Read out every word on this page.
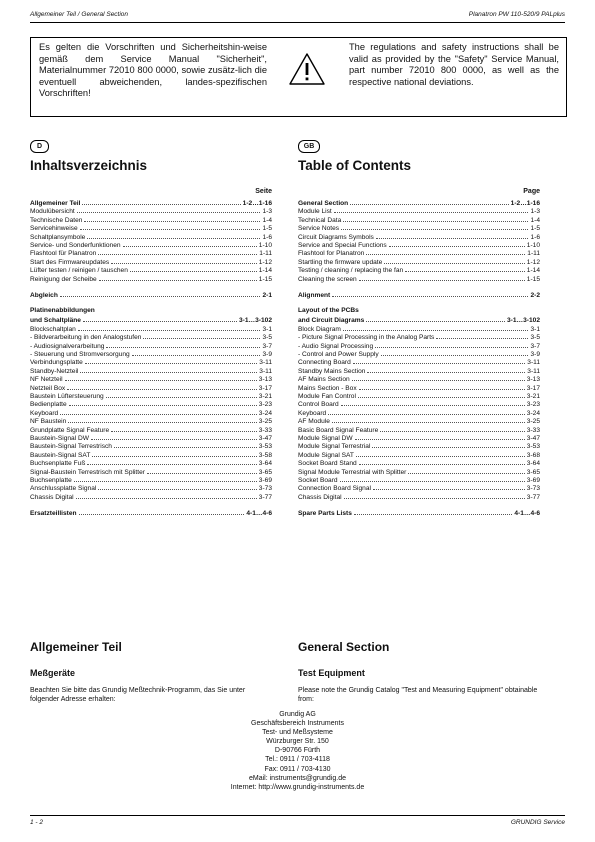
Allgemeiner Teil / General Section	Planatron PW 110-520/9 PALplus
Es gelten die Vorschriften und Sicherheitshin-weise gemäß dem Service Manual "Sicherheit", Materialnummer 72010 800 0000, sowie zusätz-lich die eventuell abweichenden, landes-spezifischen Vorschriften!
The regulations and safety instructions shall be valid as provided by the "Safety" Service Manual, part number 72010 800 0000, as well as the respective national deviations.
D	GB
Inhaltsverzeichnis	Table of Contents
Seite
Allgemeiner Teil	1-2…1-16
Modulübersicht	1-3
Technische Daten	1-4
Servicehinweise	1-5
Schaltplansymbole	1-6
Service- und Sonderfunktionen	1-10
Flashtool für Planatron	1-11
Start des Firmwareupdates	1-12
Lüfter testen / reinigen / tauschen	1-14
Reinigung der Scheibe	1-15
Abgleich	2-1
Platinenabbildungen
und Schaltpläne	3-1…3-102
Blockschaltplan	3-1
- Bildverarbeitung in den Analogstufen	3-5
- Audiosignalverarbeitung	3-7
- Steuerung und Stromversorgung	3-9
Verbindungsplatte	3-11
Standby-Netzteil	3-11
NF Netzteil	3-13
Netzteil Box	3-17
Baustein Lüftersteuerung	3-21
Bedienplatte	3-23
Keyboard	3-24
NF Baustein	3-25
Grundplatte Signal Feature	3-33
Baustein-Signal DW	3-47
Baustein-Signal Terrestrisch	3-53
Baustein-Signal SAT	3-58
Buchsenplatte Fuß	3-64
Signal-Baustein Terrestrisch mit Splitter	3-65
Buchsenplatte	3-69
Anschlussplatte Signal	3-73
Chassis Digital	3-77
Ersatzteillisten	4-1…4-6
Page
General Section	1-2…1-16
Module List	1-3
Technical Data	1-4
Service Notes	1-5
Circuit Diagrams Symbols	1-6
Service and Special Functions	1-10
Flashtool for Planatron	1-11
Startling the firmware update	1-12
Testing / cleaning / replacing the fan	1-14
Cleaning the screen	1-15
Alignment	2-2
Layout of the PCBs
and Circuit Diagrams	3-1…3-102
Block Diagram	3-1
- Picture Signal Processing in the Analog Parts	3-5
- Audio Signal Processing	3-7
- Control and Power Supply	3-9
Connecting Board	3-11
Standby Mains Section	3-11
AF Mains Section	3-13
Mains Section - Box	3-17
Module Fan Control	3-21
Control Board	3-23
Keyboard	3-24
AF Module	3-25
Basic Board Signal Feature	3-33
Module Signal DW	3-47
Module Signal Terrestrial	3-53
Module Signal SAT	3-68
Socket Board Stand	3-64
Signal Module Terrestrial with Splitter	3-65
Socket Board	3-69
Connection Board Signal	3-73
Chassis Digital	3-77
Spare Parts Lists	4-1…4-6
Allgemeiner Teil	General Section
Meßgeräte	Test Equipment
Beachten Sie bitte das Grundig Meßtechnik-Programm, das Sie unter folgender Adresse erhalten:
Please note the Grundig Catalog "Test and Measuring Equipment" obtainable from:
Grundig AG
Geschäftsbereich Instruments
Test- und Meßsysteme
Würzburger Str. 150
D-90766 Fürth
Tel.: 0911 / 703-4118
Fax: 0911 / 703-4130
eMail: instruments@grundig.de
Internet: http://www.grundig-instruments.de
1 - 2	GRUNDIG Service
